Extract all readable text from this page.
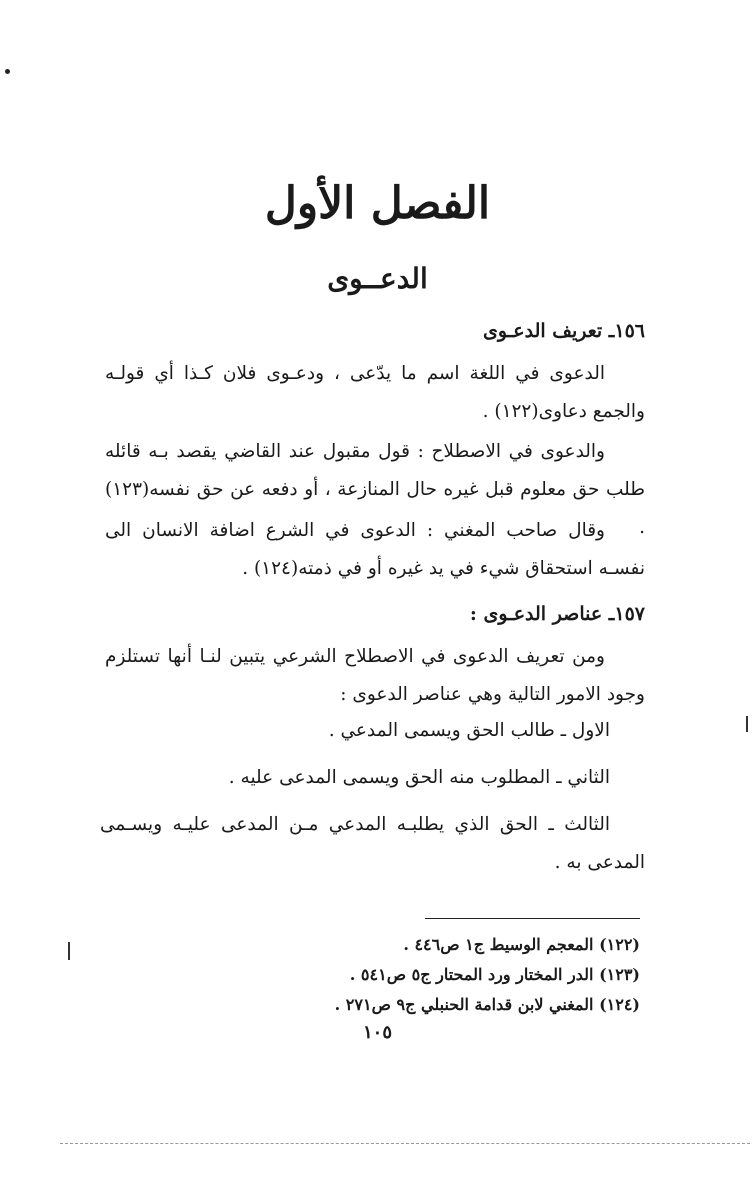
الفصل الأول
الدعــوى
١٥٦ـ تعريف الدعـوى
الدعوى في اللغة اسم ما يدّعى ، ودعـوى فلان كـذا أي قولـه والجمع دعاوى(١٢٢) .
والدعوى في الاصطلاح : قول مقبول عند القاضي يقصد بـه قائله طلب حق معلوم قبل غيره حال المنازعة ، أو دفعه عن حق نفسه(١٢٣) .
وقال صاحب المغني : الدعوى في الشرع اضافة الانسان الى نفسـه استحقاق شيء في يد غيره أو في ذمته(١٢٤) .
١٥٧ـ عناصر الدعـوى :
ومن تعريف الدعوى في الاصطلاح الشرعي يتبين لنـا أنها تستلزم وجود الامور التالية وهي عناصر الدعوى :
الاول ـ طالب الحق ويسمى المدعي .
الثاني ـ المطلوب منه الحق ويسمى المدعى عليه .
الثالث ـ الحق الذي يطلبـه المدعي مـن المدعى عليـه ويسـمى المدعى به .
(١٢٢) المعجم الوسيط ج١ ص٤٤٦ .
(١٢٣) الدر المختار ورد المحتار ج٥ ص٥٤١ .
(١٢٤) المغني لابن قدامة الحنبلي ج٩ ص٢٧١ .
١٠٥
